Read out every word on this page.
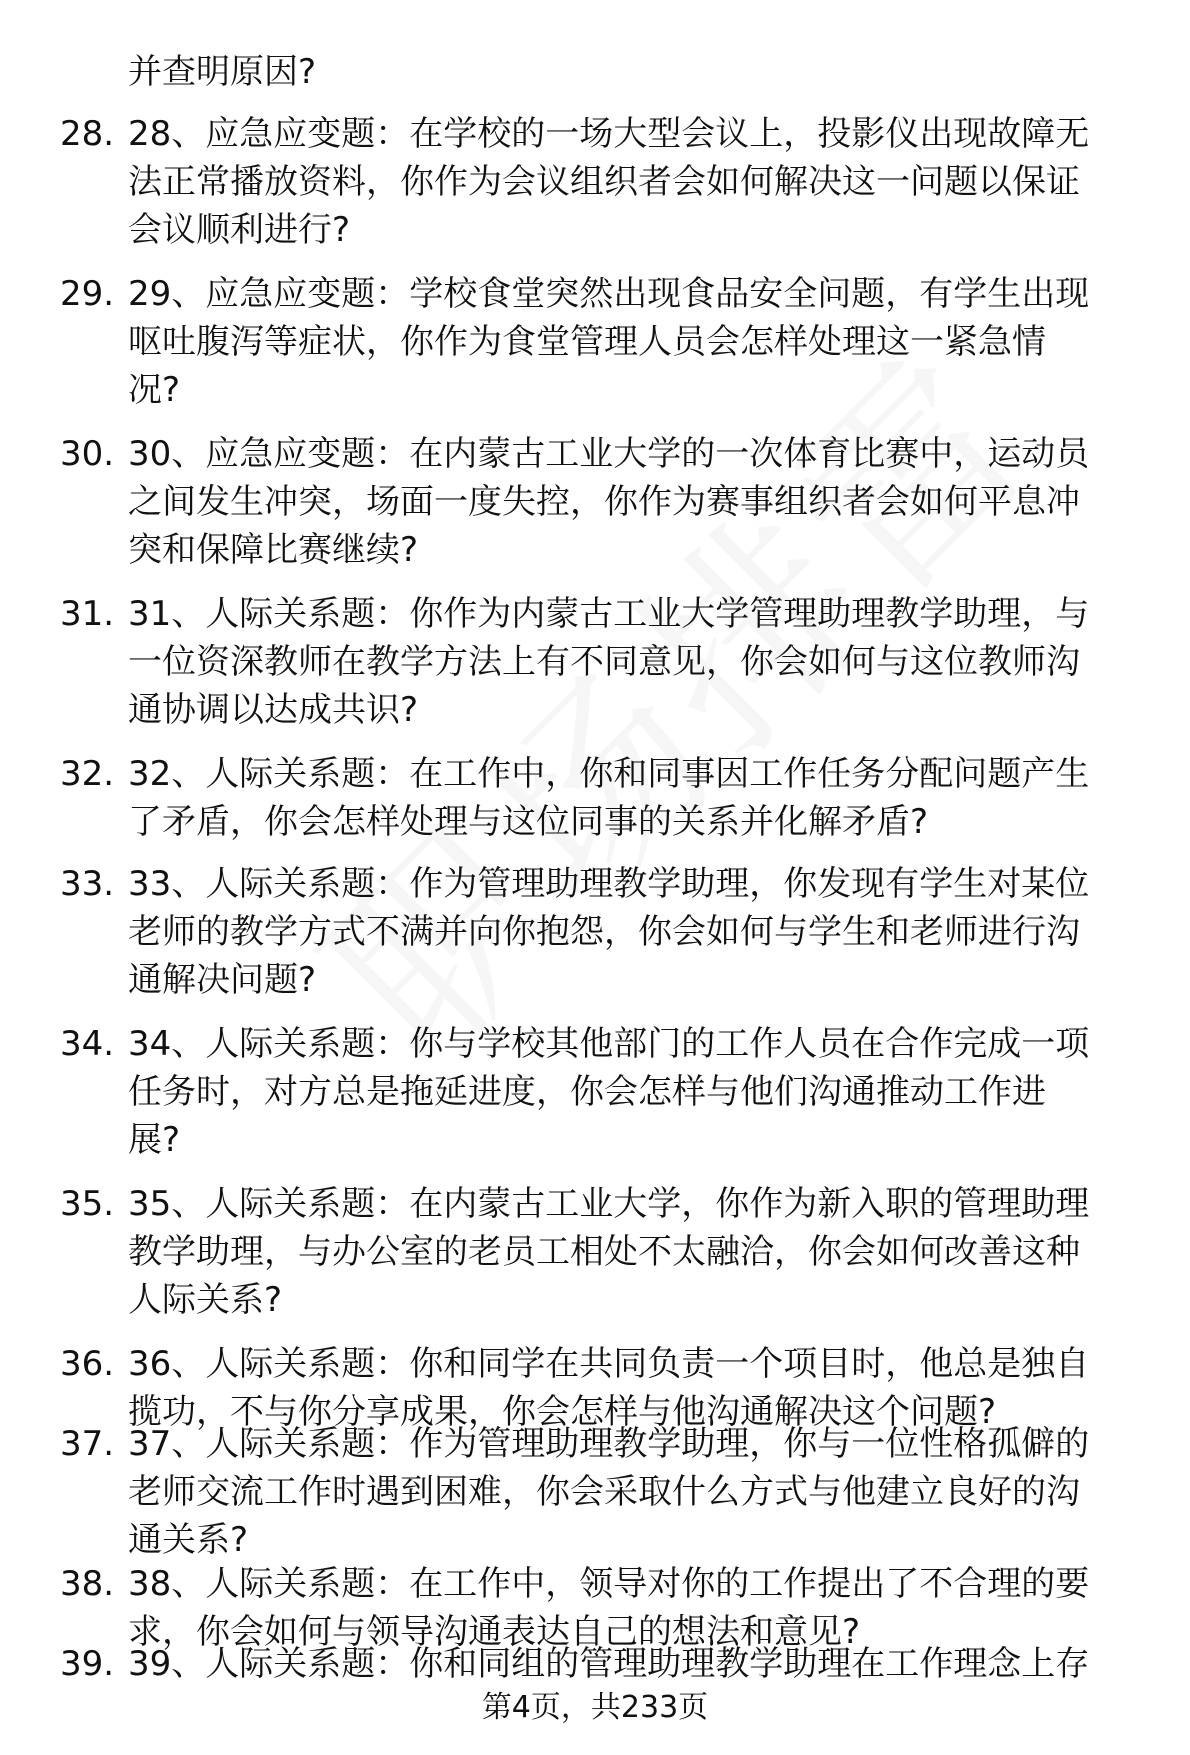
并查明原因?
28. 28、应急应变题：在学校的一场大型会议上，投影仪出现故障无
法正常播放资料，你作为会议组织者会如何解决这一问题以保证
会议顺利进行?
29. 29、应急应变题：学校食堂突然出现食品安全问题，有学生出现
呕吐腹泻等症状，你作为食堂管理人员会怎样处理这一紧急情
况?
30. 30、应急应变题：在内蒙古工业大学的一次体育比赛中，运动员
之间发生冲突，场面一度失控，你作为赛事组织者会如何平息冲
突和保障比赛继续?
31. 31、人际关系题：你作为内蒙古工业大学管理助理教学助理，与
一位资深教师在教学方法上有不同意见，你会如何与这位教师沟
通协调以达成共识?
32. 32、人际关系题：在工作中，你和同事因工作任务分配问题产生
了矛盾，你会怎样处理与这位同事的关系并化解矛盾?
33. 33、人际关系题：作为管理助理教学助理，你发现有学生对某位
老师的教学方式不满并向你抱怨，你会如何与学生和老师进行沟
通解决问题?
34. 34、人际关系题：你与学校其他部门的工作人员在合作完成一项
任务时，对方总是拖延进度，你会怎样与他们沟通推动工作进
展?
35. 35、人际关系题：在内蒙古工业大学，你作为新入职的管理助理
教学助理，与办公室的老员工相处不太融洽，你会如何改善这种
人际关系?
36. 36、人际关系题：你和同学在共同负责一个项目时，他总是独自
揽功，不与你分享成果，你会怎样与他沟通解决这个问题?
37. 37、人际关系题：作为管理助理教学助理，你与一位性格孤僻的
老师交流工作时遇到困难，你会采取什么方式与他建立良好的沟
通关系?
38. 38、人际关系题：在工作中，领导对你的工作提出了不合理的要
求，你会如何与领导沟通表达自己的想法和意见?
39. 39、人际关系题：你和同组的管理助理教学助理在工作理念上存
第4页，共233页
